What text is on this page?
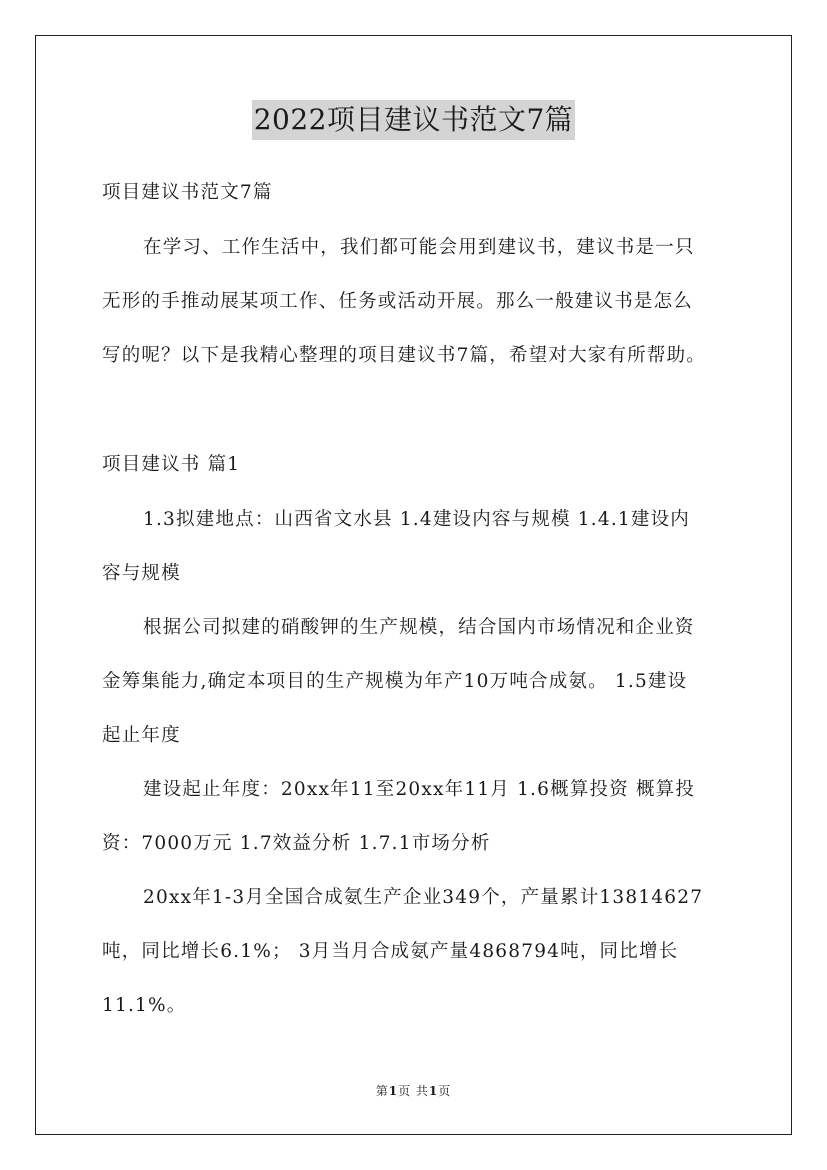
2022项目建议书范文7篇
项目建议书范文7篇
在学习、工作生活中，我们都可能会用到建议书，建议书是一只
无形的手推动展某项工作、任务或活动开展。那么一般建议书是怎么
写的呢？以下是我精心整理的项目建议书7篇，希望对大家有所帮助。
项目建议书 篇1
1.3拟建地点：山西省文水县 1.4建设内容与规模 1.4.1建设内
容与规模
根据公司拟建的硝酸钾的生产规模，结合国内市场情况和企业资
金筹集能力,确定本项目的生产规模为年产10万吨合成氨。 1.5建设
起止年度
建设起止年度：20xx年11至20xx年11月 1.6概算投资 概算投
资：7000万元 1.7效益分析 1.7.1市场分析
20xx年1-3月全国合成氨生产企业349个，产量累计13814627
吨，同比增长6.1%； 3月当月合成氨产量4868794吨，同比增长
11.1%。
第1页 共1页
